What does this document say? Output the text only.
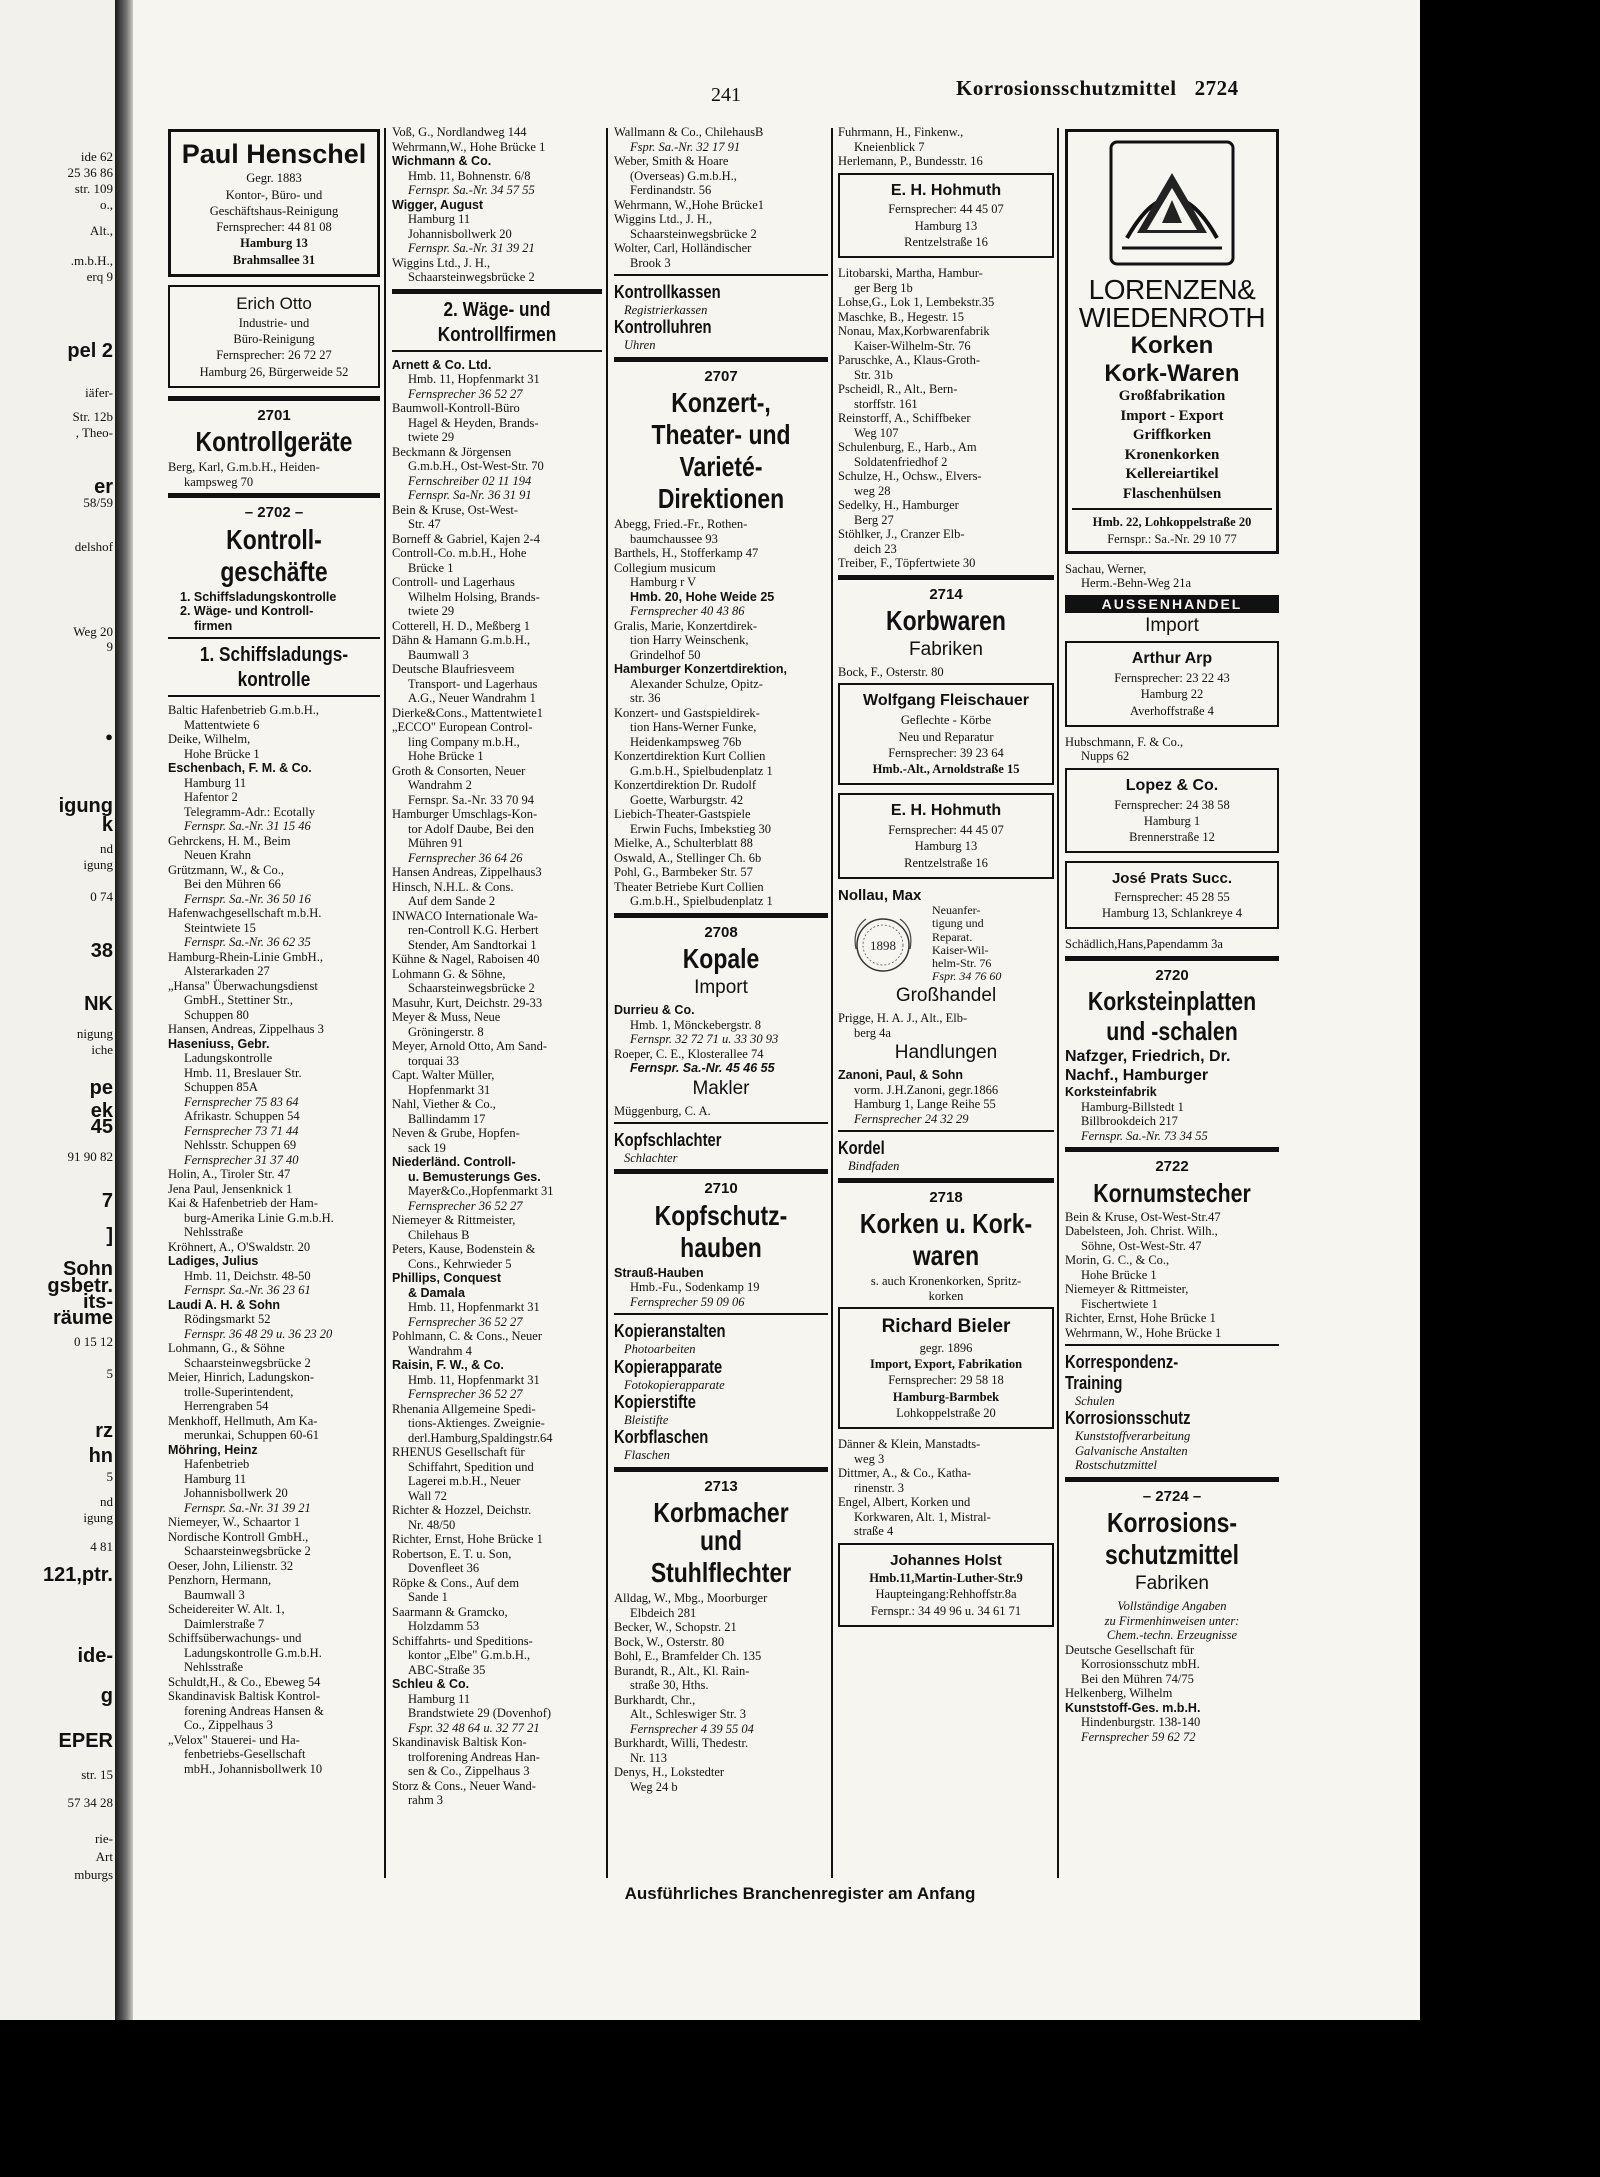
ide 62

25 36 86

str. 109

o.,

Alt.,

.m.b.H.,

erq 9

pel 2

iäfer-

Str. 12b

, Theo-

er

58/59

delshof

Weg 20

9

●

igung

k

nd

igung

0 74

38

NK

nigung

iche

pe

ek

45

91 90 82

7

]

Sohn

gsbetr.

its-

räume

0 15 12

5

rz

hn

5

nd

igung

4 81

121,ptr.

ide-

g

EPER

str. 15

57 34 28

rie-

Art

mburgs

241	Korrosionsschutzmittel 2724
Paul Henschel
Gegr. 1883
Kontor-, Büro- und
Geschäftshaus-Reinigung
Fernsprecher: 44 81 08
Hamburg 13
Brahmsallee 31
Erich Otto
Industrie- und
Büro-Reinigung
Fernsprecher: 26 72 27
Hamburg 26, Bürgerweide 52
2701
Kontrollgeräte

Berg, Karl, G.m.b.H., Heiden-

kampsweg 70

– 2702 –
Kontroll-
geschäfte

1. Schiffsladungskontrolle

2. Wäge- und Kontroll-

firmen

1. Schiffsladungs-
kontrolle

Baltic Hafenbetrieb G.m.b.H.,

Mattentwiete 6

Deike, Wilhelm,

Hohe Brücke 1

Eschenbach, F. M. & Co.

Hamburg 11

Hafentor 2

Telegramm-Adr.: Ecotally

Fernspr. Sa.-Nr. 31 15 46

Gehrckens, H. M., Beim

Neuen Krahn

Grützmann, W., & Co.,

Bei den Mühren 66

Fernspr. Sa.-Nr. 36 50 16

Hafenwachgesellschaft m.b.H.

Steintwiete 15

Fernspr. Sa.-Nr. 36 62 35

Hamburg-Rhein-Linie GmbH.,

Alsterarkaden 27

„Hansa" Überwachungsdienst

GmbH., Stettiner Str.,

Schuppen 80

Hansen, Andreas, Zippelhaus 3

Haseniuss, Gebr.

Ladungskontrolle

Hmb. 11, Breslauer Str.

Schuppen 85A

Fernsprecher 75 83 64

Afrikastr. Schuppen 54

Fernsprecher 73 71 44

Nehlsstr. Schuppen 69

Fernsprecher 31 37 40

Holin, A., Tiroler Str. 47

Jena Paul, Jensenknick 1

Kai & Hafenbetrieb der Ham-

burg-Amerika Linie G.m.b.H.

Nehlsstraße

Kröhnert, A., O'Swaldstr. 20

Ladiges, Julius

Hmb. 11, Deichstr. 48-50

Fernspr. Sa.-Nr. 36 23 61

Laudi A. H. & Sohn

Rödingsmarkt 52

Fernspr. 36 48 29 u. 36 23 20

Lohmann, G., & Söhne

Schaarsteinwegsbrücke 2

Meier, Hinrich, Ladungskon-

trolle-Superintendent,

Herrengraben 54

Menkhoff, Hellmuth, Am Ka-

merunkai, Schuppen 60-61

Möhring, Heinz

Hafenbetrieb

Hamburg 11

Johannisbollwerk 20

Fernspr. Sa.-Nr. 31 39 21

Niemeyer, W., Schaartor 1

Nordische Kontroll GmbH.,

Schaarsteinwegsbrücke 2

Oeser, John, Lilienstr. 32

Penzhorn, Hermann,

Baumwall 3

Scheidereiter W. Alt. 1,

Daimlerstraße 7

Schiffsüberwachungs- und

Ladungskontrolle G.m.b.H.

Nehlsstraße

Schuldt,H., & Co., Ebeweg 54

Skandinavisk Baltisk Kontrol-

forening Andreas Hansen &

Co., Zippelhaus 3

„Velox" Stauerei- und Ha-

fenbetriebs-Gesellschaft

mbH., Johannisbollwerk 10

Voß, G., Nordlandweg 144

Wehrmann,W., Hohe Brücke 1

Wichmann & Co.

Hmb. 11, Bohnenstr. 6/8

Fernspr. Sa.-Nr. 34 57 55

Wigger, August

Hamburg 11

Johannisbollwerk 20

Fernspr. Sa.-Nr. 31 39 21

Wiggins Ltd., J. H.,

Schaarsteinwegsbrücke 2

2. Wäge- und
Kontrollfirmen

Arnett & Co. Ltd.

Hmb. 11, Hopfenmarkt 31

Fernsprecher 36 52 27

Baumwoll-Kontroll-Büro

Hagel & Heyden, Brands-

twiete 29

Beckmann & Jörgensen

G.m.b.H., Ost-West-Str. 70

Fernschreiber 02 11 194

Fernspr. Sa-Nr. 36 31 91

Bein & Kruse, Ost-West-

Str. 47

Borneff & Gabriel, Kajen 2-4

Controll-Co. m.b.H., Hohe

Brücke 1

Controll- und Lagerhaus

Wilhelm Holsing, Brands-

twiete 29

Cotterell, H. D., Meßberg 1

Dähn & Hamann G.m.b.H.,

Baumwall 3

Deutsche Blaufriesveem

Transport- und Lagerhaus

A.G., Neuer Wandrahm 1

Dierke&Cons., Mattentwiete1

„ECCO" European Control-

ling Company m.b.H.,

Hohe Brücke 1

Groth & Consorten, Neuer

Wandrahm 2

Fernspr. Sa.-Nr. 33 70 94

Hamburger Umschlags-Kon-

tor Adolf Daube, Bei den

Mühren 91

Fernsprecher 36 64 26

Hansen Andreas, Zippelhaus3

Hinsch, N.H.L. & Cons.

Auf dem Sande 2

INWACO Internationale Wa-

ren-Controll K.G. Herbert

Stender, Am Sandtorkai 1

Kühne & Nagel, Raboisen 40

Lohmann G. & Söhne,

Schaarsteinwegsbrücke 2

Masuhr, Kurt, Deichstr. 29-33

Meyer & Muss, Neue

Gröningerstr. 8

Meyer, Arnold Otto, Am Sand-

torquai 33

Capt. Walter Müller,

Hopfenmarkt 31

Nahl, Viether & Co.,

Ballindamm 17

Neven & Grube, Hopfen-

sack 19

Niederländ. Controll-

u. Bemusterungs Ges.

Mayer&Co.,Hopfenmarkt 31

Fernsprecher 36 52 27

Niemeyer & Rittmeister,

Chilehaus B

Peters, Kause, Bodenstein &

Cons., Kehrwieder 5

Phillips, Conquest

& Damala

Hmb. 11, Hopfenmarkt 31

Fernsprecher 36 52 27

Pohlmann, C. & Cons., Neuer

Wandrahm 4

Raisin, F. W., & Co.

Hmb. 11, Hopfenmarkt 31

Fernsprecher 36 52 27

Rhenania Allgemeine Spedi-

tions-Aktienges. Zweignie-

derl.Hamburg,Spaldingstr.64

RHENUS Gesellschaft für

Schiffahrt, Spedition und

Lagerei m.b.H., Neuer

Wall 72

Richter & Hozzel, Deichstr.

Nr. 48/50

Richter, Ernst, Hohe Brücke 1

Robertson, E. T. u. Son,

Dovenfleet 36

Röpke & Cons., Auf dem

Sande 1

Saarmann & Gramcko,

Holzdamm 53

Schiffahrts- und Speditions-

kontor „Elbe" G.m.b.H.,

ABC-Straße 35

Schleu & Co.

Hamburg 11

Brandstwiete 29 (Dovenhof)

Fspr. 32 48 64 u. 32 77 21

Skandinavisk Baltisk Kon-

trolforening Andreas Han-

sen & Co., Zippelhaus 3

Storz & Cons., Neuer Wand-

rahm 3

Wallmann & Co., ChilehausB

Fspr. Sa.-Nr. 32 17 91

Weber, Smith & Hoare

(Overseas) G.m.b.H.,

Ferdinandstr. 56

Wehrmann, W.,Hohe Brücke1

Wiggins Ltd., J. H.,

Schaarsteinwegsbrücke 2

Wolter, Carl, Holländischer

Brook 3

Kontrollkassen

Registrierkassen

Kontrolluhren

Uhren

2707
Konzert-,
Theater- und
Varieté-
Direktionen

Abegg, Fried.-Fr., Rothen-

baumchaussee 93

Barthels, H., Stofferkamp 47

Collegium musicum

Hamburg r V

Hmb. 20, Hohe Weide 25

Fernsprecher 40 43 86

Gralis, Marie, Konzertdirek-

tion Harry Weinschenk,

Grindelhof 50

Hamburger Konzertdirektion,

Alexander Schulze, Opitz-

str. 36

Konzert- und Gastspieldirek-

tion Hans-Werner Funke,

Heidenkampsweg 76b

Konzertdirektion Kurt Collien

G.m.b.H., Spielbudenplatz 1

Konzertdirektion Dr. Rudolf

Goette, Warburgstr. 42

Liebich-Theater-Gastspiele

Erwin Fuchs, Imbekstieg 30

Mielke, A., Schulterblatt 88

Oswald, A., Stellinger Ch. 6b

Pohl, G., Barmbeker Str. 57

Theater Betriebe Kurt Collien

G.m.b.H., Spielbudenplatz 1

2708
Kopale
Import

Durrieu & Co.

Hmb. 1, Mönckebergstr. 8

Fernspr. 32 72 71 u. 33 30 93

Roeper, C. E., Klosterallee 74

Fernspr. Sa.-Nr. 45 46 55

Makler

Müggenburg, C. A.

Kopfschlachter

Schlachter

2710
Kopfschutz-
hauben

Strauß-Hauben

Hmb.-Fu., Sodenkamp 19

Fernsprecher 59 09 06

Kopieranstalten

Photoarbeiten

Kopierapparate

Fotokopierapparate

Kopierstifte

Bleistifte

Korbflaschen

Flaschen

2713
Korbmacher und
Stuhlflechter

Alldag, W., Mbg., Moorburger

Elbdeich 281

Becker, W., Schopstr. 21

Bock, W., Osterstr. 80

Bohl, E., Bramfelder Ch. 135

Burandt, R., Alt., Kl. Rain-

straße 30, Hths.

Burkhardt, Chr.,

Alt., Schleswiger Str. 3

Fernsprecher 4 39 55 04

Burkhardt, Willi, Thedestr.

Nr. 113

Denys, H., Lokstedter

Weg 24 b

Fuhrmann, H., Finkenw.,

Kneienblick 7

Herlemann, P., Bundesstr. 16

E. H. Hohmuth
Fernsprecher: 44 45 07
Hamburg 13
Rentzelstraße 16

Litobarski, Martha, Hambur-

ger Berg 1b

Lohse,G., Lok 1, Lembekstr.35

Maschke, B., Hegestr. 15

Nonau, Max,Korbwarenfabrik

Kaiser-Wilhelm-Str. 76

Paruschke, A., Klaus-Groth-

Str. 31b

Pscheidl, R., Alt., Bern-

storffstr. 161

Reinstorff, A., Schiffbeker

Weg 107

Schulenburg, E., Harb., Am

Soldatenfriedhof 2

Schulze, H., Ochsw., Elvers-

weg 28

Sedelky, H., Hamburger

Berg 27

Stöhlker, J., Cranzer Elb-

deich 23

Treiber, F., Töpfertwiete 30

2714
Korbwaren
Fabriken

Bock, F., Osterstr. 80

Wolfgang Fleischauer
Geflechte - Körbe
Neu und Reparatur
Fernsprecher: 39 23 64
Hmb.-Alt., Arnoldstraße 15
E. H. Hohmuth
Fernsprecher: 44 45 07
Hamburg 13
Rentzelstraße 16
Nollau, Max
1898
Neuanfer-
tigung und
Reparat.
Kaiser-Wil-
helm-Str. 76
Fspr. 34 76 60
Großhandel

Prigge, H. A. J., Alt., Elb-

berg 4a

Handlungen

Zanoni, Paul, & Sohn

vorm. J.H.Zanoni, gegr.1866

Hamburg 1, Lange Reihe 55

Fernsprecher 24 32 29

Kordel

Bindfaden

2718
Korken u. Kork-
waren

s. auch Kronenkorken, Spritz-

korken

Richard Bieler
gegr. 1896
Import, Export, Fabrikation
Fernsprecher: 29 58 18
Hamburg-Barmbek
Lohkoppelstraße 20

Dänner & Klein, Manstadts-

weg 3

Dittmer, A., & Co., Katha-

rinenstr. 3

Engel, Albert, Korken und

Korkwaren, Alt. 1, Mistral-

straße 4

Johannes Holst
Hmb.11,Martin-Luther-Str.9
Haupteingang:Rehhoffstr.8a
Fernspr.: 34 49 96 u. 34 61 71
LORENZEN&
WIEDENROTH
Korken
Kork-Waren
Großfabrikation
Import - Export
Griffkorken
Kronenkorken
Kellereiartikel
Flaschenhülsen
Hmb. 22, Lohkoppelstraße 20
Fernspr.: Sa.-Nr. 29 10 77

Sachau, Werner,

Herm.-Behn-Weg 21a

AUSSENHANDEL
Import
Arthur Arp
Fernsprecher: 23 22 43
Hamburg 22
Averhoffstraße 4

Hubschmann, F. & Co.,

Nupps 62

Lopez & Co.
Fernsprecher: 24 38 58
Hamburg 1
Brennerstraße 12
José Prats Succ.
Fernsprecher: 45 28 55
Hamburg 13, Schlankreye 4

Schädlich,Hans,Papendamm 3a

2720
Korksteinplatten
und -schalen

Nafzger, Friedrich, Dr.

Nachf., Hamburger

Korksteinfabrik

Hamburg-Billstedt 1

Billbrookdeich 217

Fernspr. Sa.-Nr. 73 34 55

2722
Kornumstecher

Bein & Kruse, Ost-West-Str.47

Dabelsteen, Joh. Christ. Wilh.,

Söhne, Ost-West-Str. 47

Morin, G. C., & Co.,

Hohe Brücke 1

Niemeyer & Rittmeister,

Fischertwiete 1

Richter, Ernst, Hohe Brücke 1

Wehrmann, W., Hohe Brücke 1

Korrespondenz-
Training

Schulen

Korrosionsschutz

Kunststoffverarbeitung

Galvanische Anstalten

Rostschutzmittel

– 2724 –
Korrosions-
schutzmittel
Fabriken

Vollständige Angaben

zu Firmenhinweisen unter:

Chem.-techn. Erzeugnisse

Deutsche Gesellschaft für

Korrosionsschutz mbH.

Bei den Mühren 74/75

Helkenberg, Wilhelm

Kunststoff-Ges. m.b.H.

Hindenburgstr. 138-140

Fernsprecher 59 62 72

Ausführliches Branchenregister am Anfang
